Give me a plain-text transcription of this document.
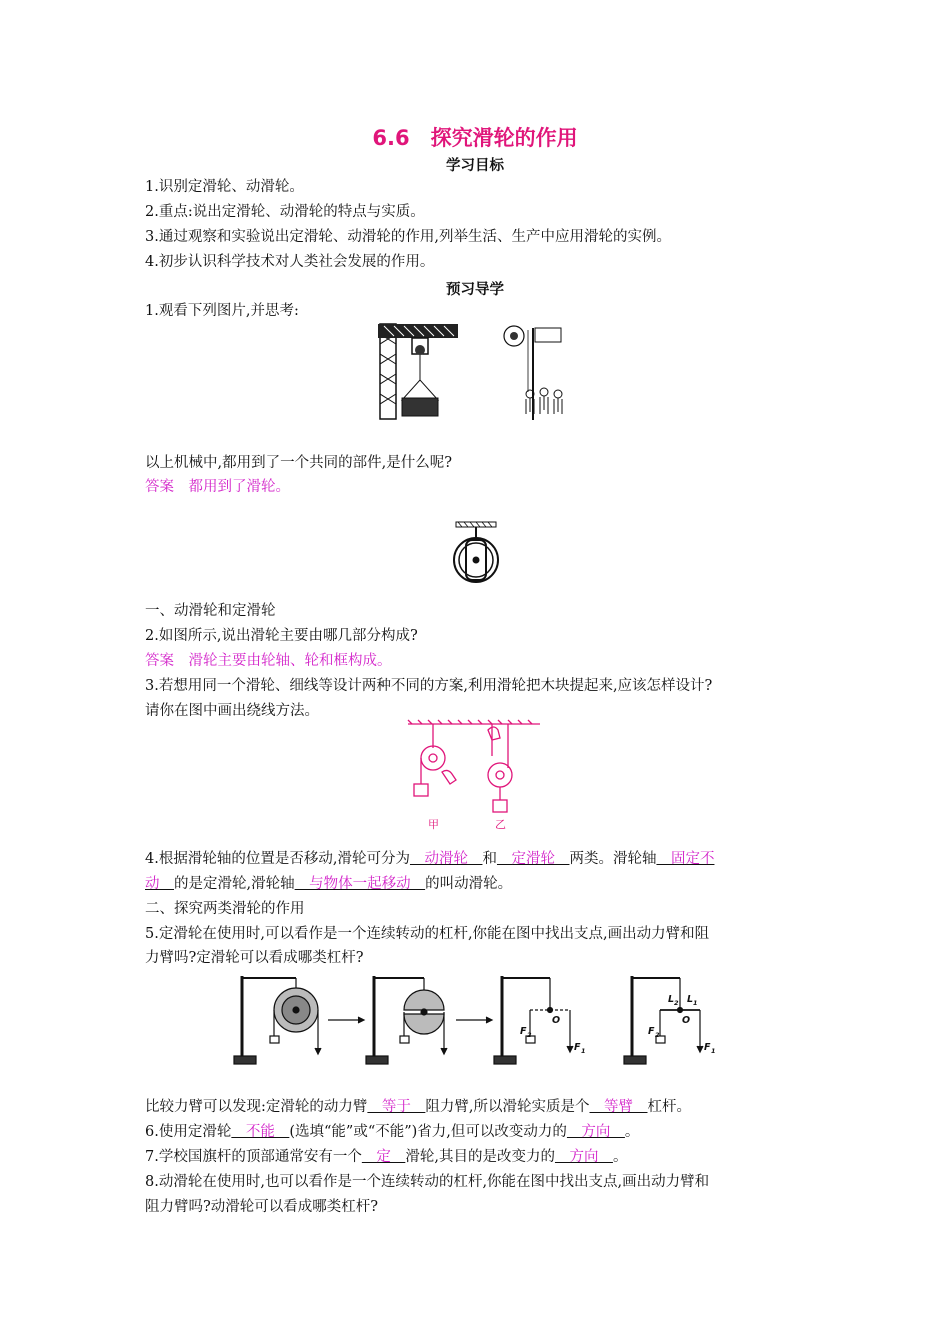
6.6　探究滑轮的作用
学习目标
1.识别定滑轮、动滑轮。
2.重点:说出定滑轮、动滑轮的特点与实质。
3.通过观察和实验说出定滑轮、动滑轮的作用,列举生活、生产中应用滑轮的实例。
4.初步认识科学技术对人类社会发展的作用。
预习导学
1.观看下列图片,并思考:
以上机械中,都用到了一个共同的部件,是什么呢?
答案　都用到了滑轮。
一、动滑轮和定滑轮
2.如图所示,说出滑轮主要由哪几部分构成?
答案　滑轮主要由轮轴、轮和框构成。
3.若想用同一个滑轮、细线等设计两种不同的方案,利用滑轮把木块提起来,应该怎样设计?
请你在图中画出绕线方法。
甲	乙
4.根据滑轮轴的位置是否移动,滑轮可分为　动滑轮　和　定滑轮　两类。滑轮轴　固定不
动　的是定滑轮,滑轮轴　与物体一起移动　的叫动滑轮。
二、探究两类滑轮的作用
5.定滑轮在使用时,可以看作是一个连续转动的杠杆,你能在图中找出支点,画出动力臂和阻
力臂吗?定滑轮可以看成哪类杠杆?
O
F 2
F 1
O
L 2 L 1
F 2
F 1
比较力臂可以发现:定滑轮的动力臂　等于　阻力臂,所以滑轮实质是个　等臂　杠杆。
6.使用定滑轮　不能　(选填“能”或“不能”)省力,但可以改变动力的　方向　。
7.学校国旗杆的顶部通常安有一个　定　滑轮,其目的是改变力的　方向　。
8.动滑轮在使用时,也可以看作是一个连续转动的杠杆,你能在图中找出支点,画出动力臂和
阻力臂吗?动滑轮可以看成哪类杠杆?
